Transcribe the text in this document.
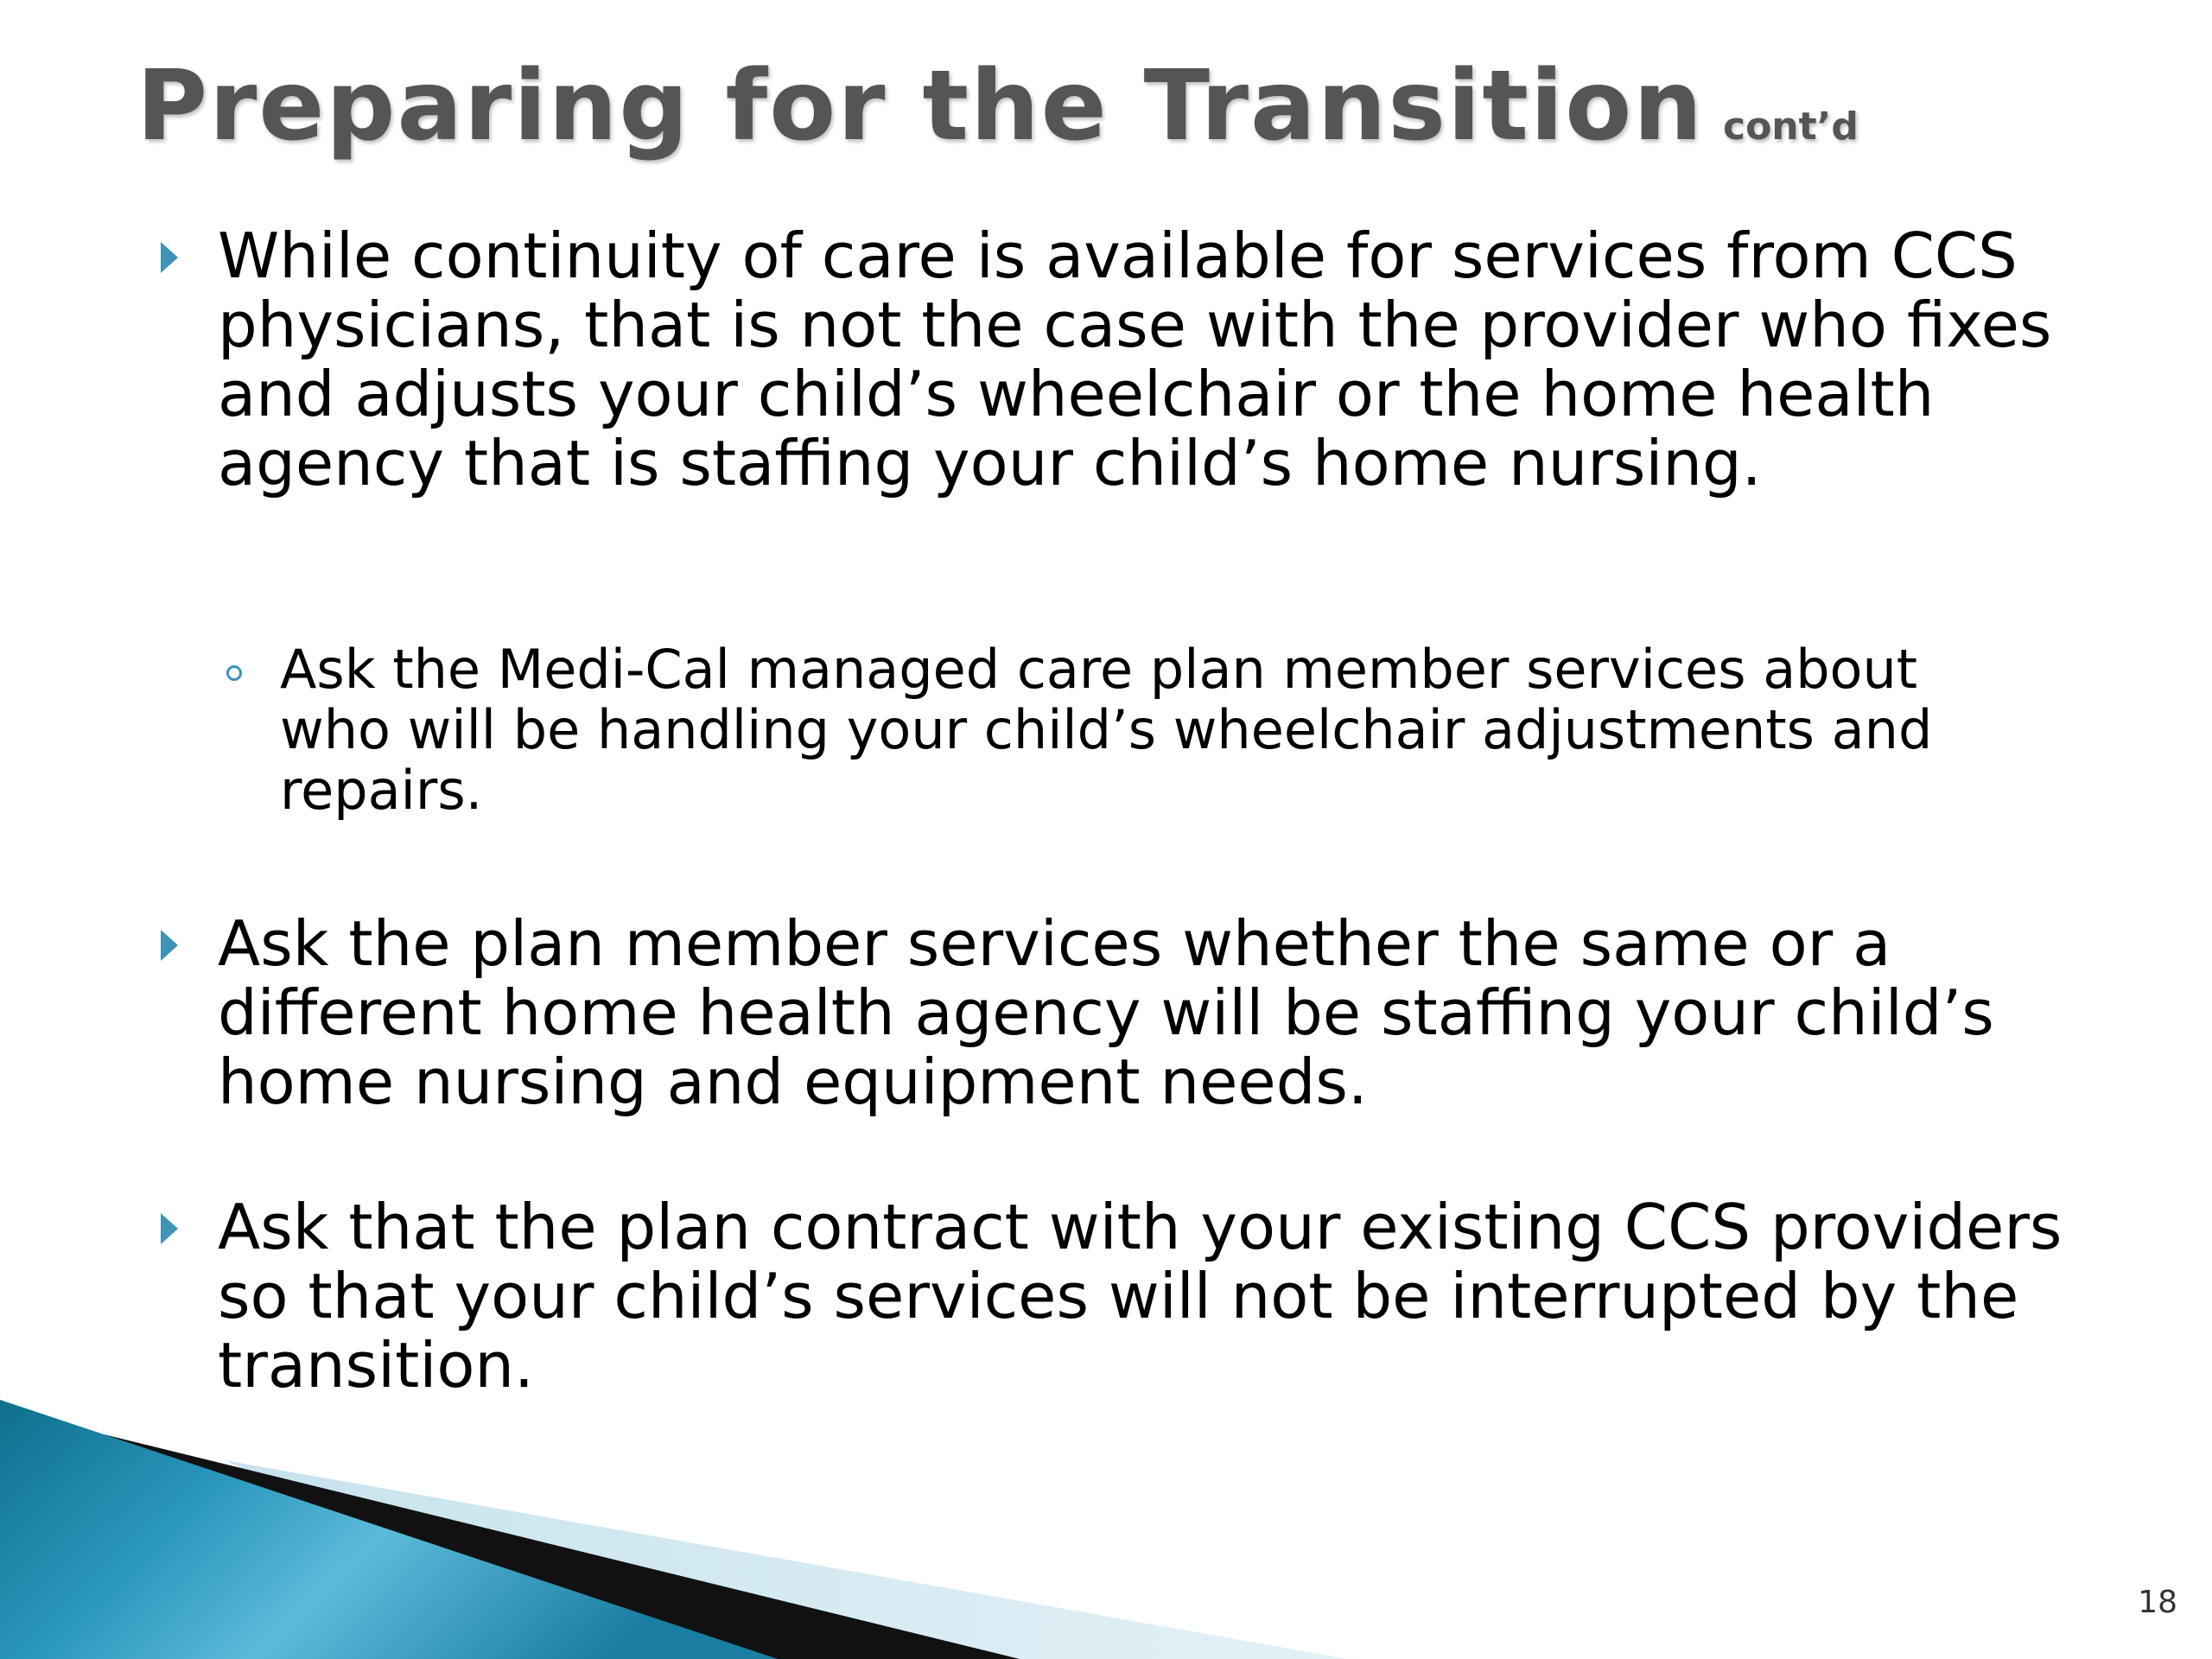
Preparing for the Transition cont’d
While continuity of care is available for services from CCS physicians, that is not the case with the provider who fixes and adjusts your child’s wheelchair or the home health agency that is staffing your child’s home nursing.
Ask the Medi-Cal managed care plan member services about who will be handling your child’s wheelchair adjustments and repairs.
Ask the plan member services whether the same or a different home health agency will be staffing your child’s home nursing and equipment needs.
Ask that the plan contract with your existing CCS providers so that your child’s services will not be interrupted by the transition.
18
